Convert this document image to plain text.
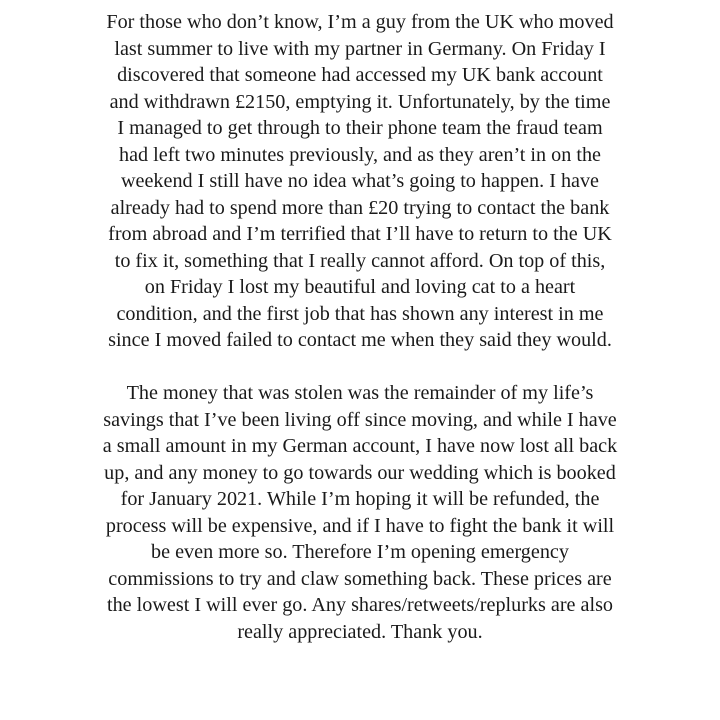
For those who don’t know, I’m a guy from the UK who moved
last summer to live with my partner in Germany. On Friday I
discovered that someone had accessed my UK bank account
and withdrawn £2150, emptying it. Unfortunately, by the time
I managed to get through to their phone team the fraud team
had left two minutes previously, and as they aren’t in on the
weekend I still have no idea what’s going to happen. I have
already had to spend more than £20 trying to contact the bank
from abroad and I’m terrified that I’ll have to return to the UK
to fix it, something that I really cannot afford. On top of this,
on Friday I lost my beautiful and loving cat to a heart
condition, and the first job that has shown any interest in me
since I moved failed to contact me when they said they would.
The money that was stolen was the remainder of my life’s
savings that I’ve been living off since moving, and while I have
a small amount in my German account, I have now lost all back
up, and any money to go towards our wedding which is booked
for January 2021. While I’m hoping it will be refunded, the
process will be expensive, and if I have to fight the bank it will
be even more so. Therefore I’m opening emergency
commissions to try and claw something back. These prices are
the lowest I will ever go. Any shares/retweets/replurks are also
really appreciated. Thank you.
